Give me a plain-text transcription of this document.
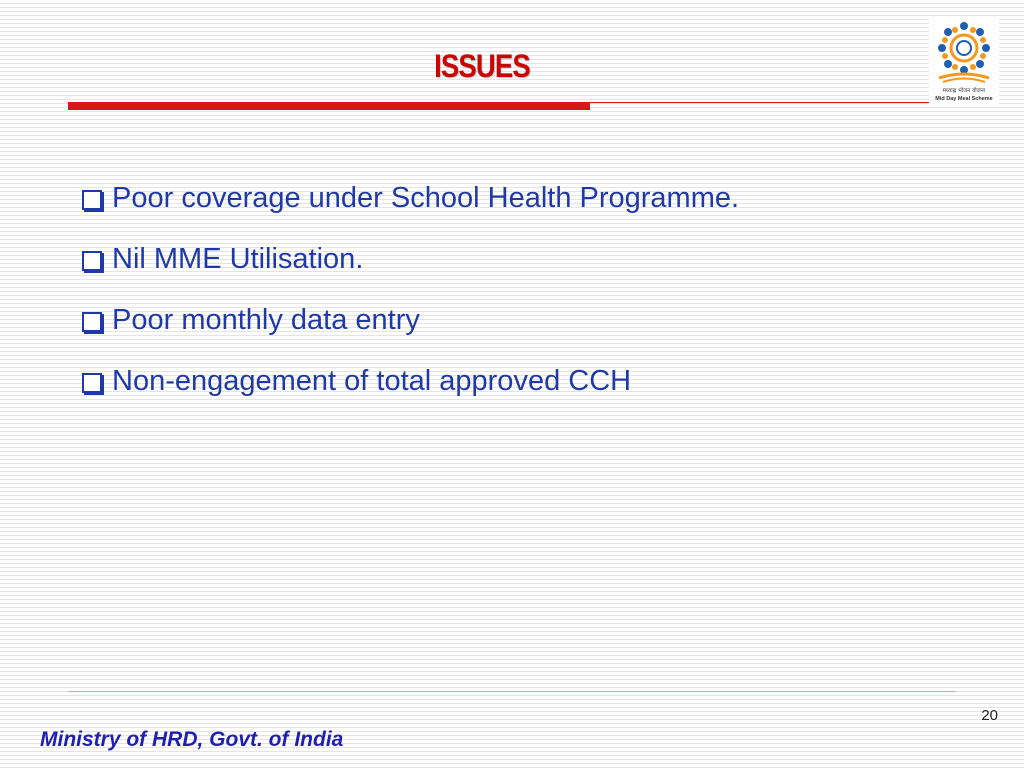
ISSUES
मध्याह्न भोजन योजना
Mid Day Meal Scheme
Poor coverage under School Health Programme.
Nil MME Utilisation.
Poor monthly data entry
Non-engagement of total approved CCH
20
Ministry of HRD, Govt. of India
